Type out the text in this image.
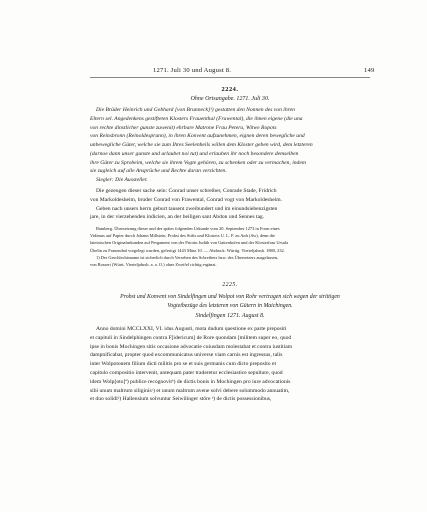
1271. Juli 30 und August 8.	149
2224.
Ohne Ortsangabe. 1271. Juli 30.
Die Brüder Heinrich und Gebhard [von Brunneck]¹) gestatten den Nonnen des von ihren
Eltern sel. Angedenkens gestifteten Klosters Frauenthal (Frawental), die ihnen eigene (die una
von rechte dinstlicher gunste zuwenit) ehrbare Matrone Frau Petera, Witwe Ropots
von Reinsbronn (Reinoldesprunn), in ihren Konvent aufzunehmen, eignen deren bewegliche und
unbewegliche Güter, welche sie zum Ihres Seelenheils willen dem Kloster geben wird, dem letzteren
(darnoe dann unser gunste und urlaubet noi tut) und erlauben ihr noch besondere demselben
ihre Güter zu Sprobeim, welche sie ihrem Vogte gehören, zu schenken oder zu vermachen, indem
sie zugleich auf alle Ansprüche und Rechte daran verzichten.
Siegler: Die Aussteller.
Die gezeugen dieser sache sein: Conrad unser schreiber, Conrade Stade, Fridrich
von Markoldesheim, bruder Conrad von Frawental, Conrad vogt von Markoldesheim.
Geben nach unsers herrn geburt tausent zweibundert und im einundsiebenzigsten
jare, in der vierzehenden indicien, an der heiligen sant Abdon und Sennes tag.
Bamberg. Übersetzung dieser und der später folgenden Urkunde vom 20. September 1273 in Form eines
Vidimus auf Papier durch Johann Millstein, Probst des Stifts und Klosters U. L. F. zu Anh (Aw), denn die
lateinischen Originalurkunden auf Pergament von der Priorin Judith von Gattenhofen und der Klosterfrau Ursula
Übelin zu Frauenthal vorgelegt wurden, gefertigt 1443 März 10. — Abdruck: Württg. Vierteljahrsh. 1880, 232.
1) Der Geschlechtsname ist sicherlich durch Versehen des Schreibers bzw. des Übersetzers ausgelassen,
von Bossert (Württ. Vierteljahrsh. a. a. O.) ohne Zweifel richtig ergänzt.
2225.
Probst und Konvent von Sindelfingen und Wolpot von Rohr vertragen sich wegen der strittigen
Vogteibezüge des letzteren von Gütern in Maichingen.
Sindelfingen 1271. August 8.
Anno domini MCCLXXI, VI. idus Augusti, mota dudum questione ex parte prepositi
et capituli in Sindelphingen contra F[idericum] de Rore quondam [militem super eo, quod
ipse in bonis Mochingen sitis occasione advocatie cuiusdam molestabat et contra iustitiam
dampnificabat, propter quod excommunicatus universe viam carnis est ingressus, talis
inter Wolpotonem filium dicti militis pro se et suis germanis cum dicto preposito et
capitulo compositio intervenit, antequam pater traderetur ecclesiastice sepulture, quod
idem Wolp[oto]ª) publice recognovitᵇ) de dictis bonis in Mochingen pro iure advocationis
sibi unum maltrum siliginisᶜ) et unum maltrum avene solvi debere solummodo annuatim,
et duo solidiᵈ) Hallensium solvuntur Seiwilinger störe ᵉ) de dictis possessionibus,
